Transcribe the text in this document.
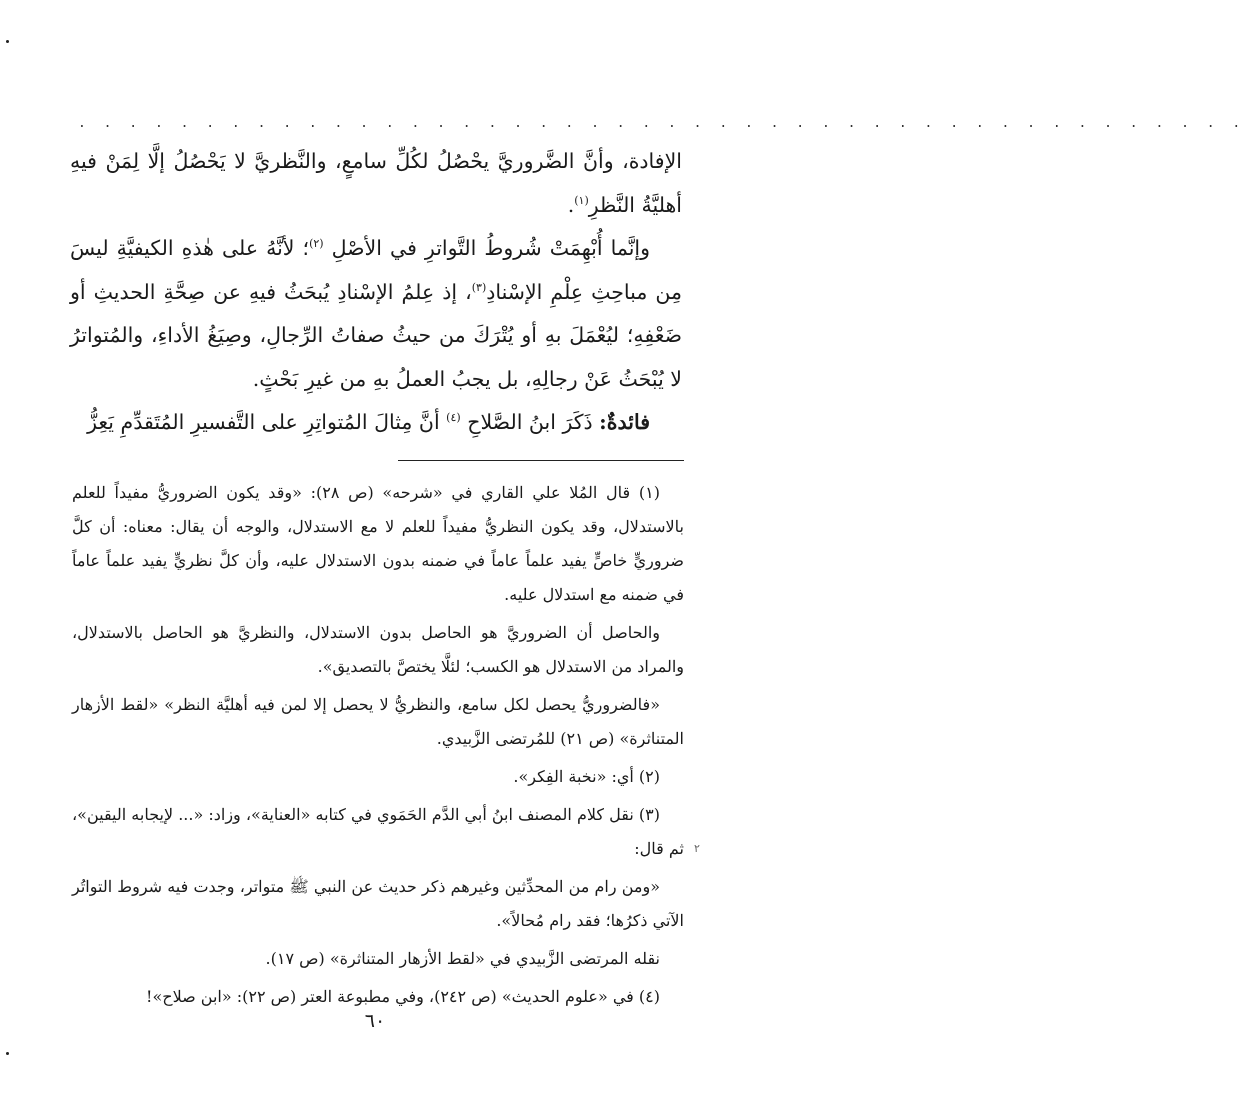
. . . . . . . . . . . . . . . . . . . . . . . . . . . . . . . . . . . . . . . . . . . . . .

الإفادة، وأنَّ الضَّروريَّ يحْصُلُ لكُلِّ سامعٍ، والنَّظريَّ لا يَحْصُلُ إلَّا لِمَنْ فيهِ أهليَّةُ النَّظرِ$^{(١)}$.

وإنَّما أُبْهِمَتْ شُروطُ التَّواترِ في الأصْلِ $^{(٢)}$؛ لأنَّهُ على هٰذهِ الكيفيَّةِ ليسَ مِن مباحِثِ عِلْمِ الإسْنادِ$^{(٣)}$، إذ عِلمُ الإسْنادِ يُبحَثُ فيهِ عن صِحَّةِ الحديثِ أو ضَعْفِهِ؛ ليُعْمَلَ بهِ أو يُتْرَكَ من حيثُ صفاتُ الرِّجالِ، وصِيَغُ الأداءِ، والمُتواترُ لا يُبْحَثُ عَنْ رجالِهِ، بل يجبُ العملُ بهِ من غيرِ بَحْثٍ.

فائدةٌ: ذَكَرَ ابنُ الصَّلاحِ $^{(٤)}$ أنَّ مِثالَ المُتواتِرِ على التَّفسيرِ المُتَقدِّمِ يَعِزُّ

(١) قال المُلا علي القاري في «شرحه» (ص ٢٨): «وقد يكون الضروريُّ مفيداً للعلم بالاستدلال، وقد يكون النظريُّ مفيداً للعلم لا مع الاستدلال، والوجه أن يقال: معناه: أن كلَّ ضروريٍّ خاصٍّ يفيد علماً عاماً في ضمنه بدون الاستدلال عليه، وأن كلَّ نظريٍّ يفيد علماً عاماً في ضمنه مع استدلال عليه.

والحاصل أن الضروريَّ هو الحاصل بدون الاستدلال، والنظريَّ هو الحاصل بالاستدلال، والمراد من الاستدلال هو الكسب؛ لئلَّا يختصَّ بالتصديق».

«فالضروريُّ يحصل لكل سامع، والنظريُّ لا يحصل إلا لمن فيه أهليَّة النظر» «لقط الأزهار المتناثرة» (ص ٢١) للمُرتضى الزَّبيدي.

(٢) أي: «نخبة الفِكر».

(٣) نقل كلام المصنف ابنُ أبي الدَّم الحَمَوي في كتابه «العناية»، وزاد: «... لإيجابه اليقين»، ثم قال:

«ومن رام من المحدِّثين وغيرهم ذكر حديث عن النبي ﷺ متواتر، وجدت فيه شروط التواتُر الآتي ذكرُها؛ فقد رام مُحالاً».

نقله المرتضى الزَّبيدي في «لقط الأزهار المتناثرة» (ص ١٧).

(٤) في «علوم الحديث» (ص ٢٤٢)، وفي مطبوعة العتر (ص ٢٢): «ابن صلاح»!

٦٠
٢
